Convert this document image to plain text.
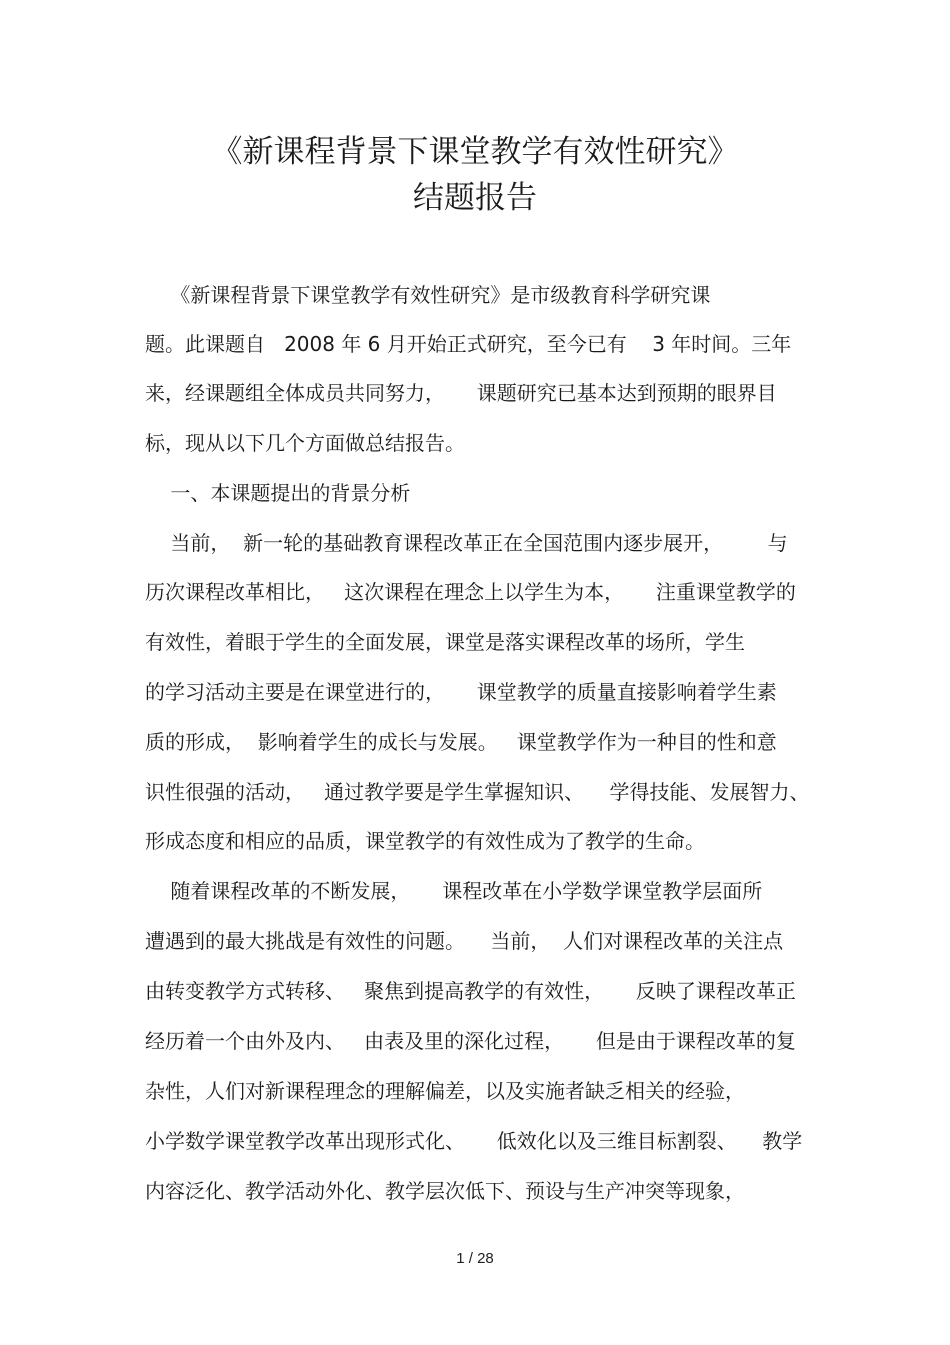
《新课程背景下课堂教学有效性研究》
结题报告
《新课程背景下课堂教学有效性研究》是市级教育科学研究课
题。此课题自   2008 年 6 月开始正式研究，至今已有    3 年时间。三年
来，经课题组全体成员共同努力，     课题研究已基本达到预期的眼界目
标，现从以下几个方面做总结报告。
一、本课题提出的背景分析
当前，  新一轮的基础教育课程改革正在全国范围内逐步展开，       与
历次课程改革相比，   这次课程在理念上以学生为本，     注重课堂教学的
有效性，着眼于学生的全面发展，课堂是落实课程改革的场所，学生
的学习活动主要是在课堂进行的，     课堂教学的质量直接影响着学生素
质的形成，  影响着学生的成长与发展。   课堂教学作为一种目的性和意
识性很强的活动，   通过教学要是学生掌握知识、    学得技能、发展智力、
形成态度和相应的品质，课堂教学的有效性成为了教学的生命。
随着课程改革的不断发展，     课程改革在小学数学课堂教学层面所
遭遇到的最大挑战是有效性的问题。    当前，  人们对课程改革的关注点
由转变教学方式转移、   聚焦到提高教学的有效性，     反映了课程改革正
经历着一个由外及内、   由表及里的深化过程，     但是由于课程改革的复
杂性，人们对新课程理念的理解偏差，以及实施者缺乏相关的经验，
小学数学课堂教学改革出现形式化、     低效化以及三维目标割裂、    教学
内容泛化、教学活动外化、教学层次低下、预设与生产冲突等现象，
1 / 28
